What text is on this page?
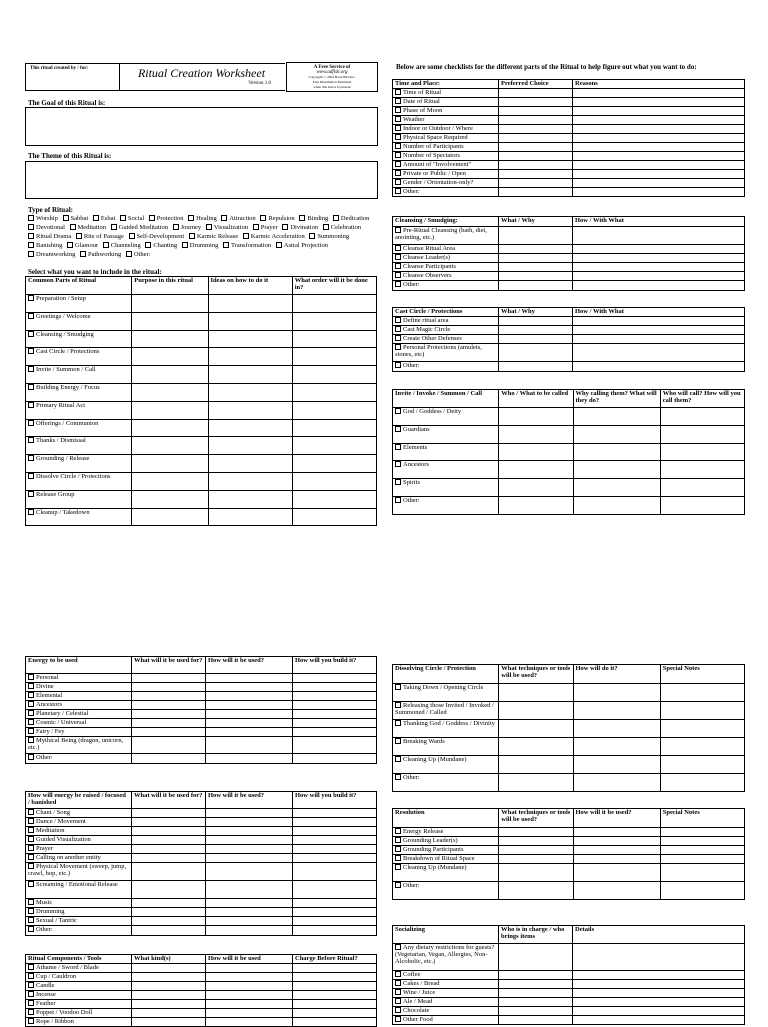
This ritual created by / for:	Ritual Creation Worksheet
Version 1.0
A Free Service of
www.adfish.org
Copyright © 2004 Bone Bird Inc.
Free Distribution Permitted
when this notice is present
The Goal of this Ritual is:
The Theme of this Ritual is:
Type of Ritual:
Worship Sabbat Esbat Social Protection Healing Attraction Repulsion Binding Dedication Devotional Meditation Guided Meditation Journey Visualization Prayer Divination Celebration Ritual Drama Rite of Passage Self-Development Karmic Release Karmic Acceleration Summoning Banishing Glamour Channeling Chanting Drumming Transformation Astral Projection Dreamworking Pathworking Other:
Select what you want to include in the ritual:
Below are some checklists for the different parts of the Ritual to help figure out what you want to do:
Common Parts of Ritual	Purpose in this ritual	Ideas on how to do it	What order will it be done in?
Preparation / Setup			
Greetings / Welcome			
Cleansing / Smudging			
Cast Circle / Protections			
Invite / Summon / Call			
Building Energy / Focus			
Primary Ritual Act			
Offerings / Communion			
Thanks / Dismissal			
Grounding / Release			
Dissolve Circle / Protections			
Release Group			
Cleanup / Takedown			
Time and Place:	Preferred Choice	Reasons
Time of Ritual		
Date of Ritual		
Phase of Moon		
Weather		
Indoor or Outdoor / Where		
Physical Space Required		
Number of Participants		
Number of Spectators		
Amount of "Involvement"		
Private or Public / Open		
Gender / Orientation-only?		
Other:		
Cleansing / Smudging:	What / Why	How / With What
Pre-Ritual Cleansing (bath, diet, anointing, etc.)		
Cleanse Ritual Area		
Cleanse Leader(s)		
Cleanse Participants		
Cleanse Observers		
Other:		
Cast Circle / Protections	What / Why	How / With What
Define ritual area		
Cast Magic Circle		
Create Other Defenses		
Personal Protections (amulets, stones, etc)		
Other:		
Invite / Invoke / Summon / Call	Who / What to be called	Why calling them? What will they do?	Who will call? How will you call them?
God / Goddess / Deity			
Guardians			
Elements			
Ancestors			
Spirits			
Other:			
Energy to be used	What will it be used for?	How will it be used?	How will you build it?
Personal			
Divine			
Elemental			
Ancestors			
Planetary / Celestial			
Cosmic / Universal			
Fairy / Fey			
Mythical Being (dragon, unicorn, etc.)			
Other:			
How will energy be raised / focused / banished	What will it be used for?	How will it be used?	How will you build it?
Chant / Song			
Dance / Movement			
Meditation			
Guided Visualization			
Prayer			
Calling on another entity			
Physical Movement (sweep, jump, crawl, hop, etc.)			
Screaming / Emotional Release			
Music			
Drumming			
Sexual / Tantric			
Other:			
Ritual Components / Tools	What kind(s)	How will it be used	Charge Before Ritual?
Athame / Sword / Blade			
Cup / Cauldron			
Candle			
Incense			
Feather			
Poppet / Voodoo Doll			
Rope / Ribbon			
Dissolving Circle / Protection	What techniques or tools will be used?	How will do it?	Special Notes
Taking Down / Opening Circle			
Releasing those Invited / Invoked / Summoned / Called			
Thanking God / Goddess / Divinity			
Breaking Wards			
Cleaning Up (Mundane)			
Other:			
Resolution	What techniques or tools will be used?	How will it be used?	Special Notes
Energy Release			
Grounding Leader(s)			
Grounding Participants			
Breakdown of Ritual Space			
Cleaning Up (Mundane)			
Other:			
Socializing	Who is in charge / who brings items	Details
Any dietary restrictions for guests? (Vegetarian, Vegan, Allergies, Non-Alcoholic, etc.)		
Coffee		
Cakes / Bread		
Wine / Juice		
Ale / Mead		
Chocolate		
Other Food		
